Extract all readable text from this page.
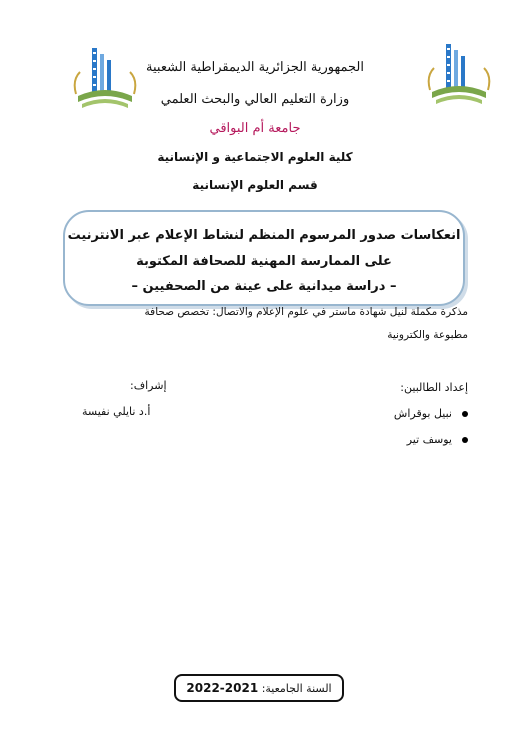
الجمهورية الجزائرية الديمقراطية الشعبية
وزارة التعليم العالي والبحث العلمي
جامعة أم البواقي
كلية العلوم الاجتماعية و الإنسانية
قسم العلوم الإنسانية
انعكاسات صدور المرسوم المنظم لنشاط الإعلام عبر الانترنيت
على الممارسة المهنية للصحافة المكتوبة
– دراسة ميدانية على عينة من الصحفيين –
مذكرة مكملة لنيل شهادة ماستر في علوم الإعلام والاتصال: تخصص صحافة
مطبوعة والكترونية
إعداد الطالبين:
إشراف:
نبيل بوقراش
يوسف تير
أ.د نايلي نفيسة
السنة الجامعية: 2021-2022
